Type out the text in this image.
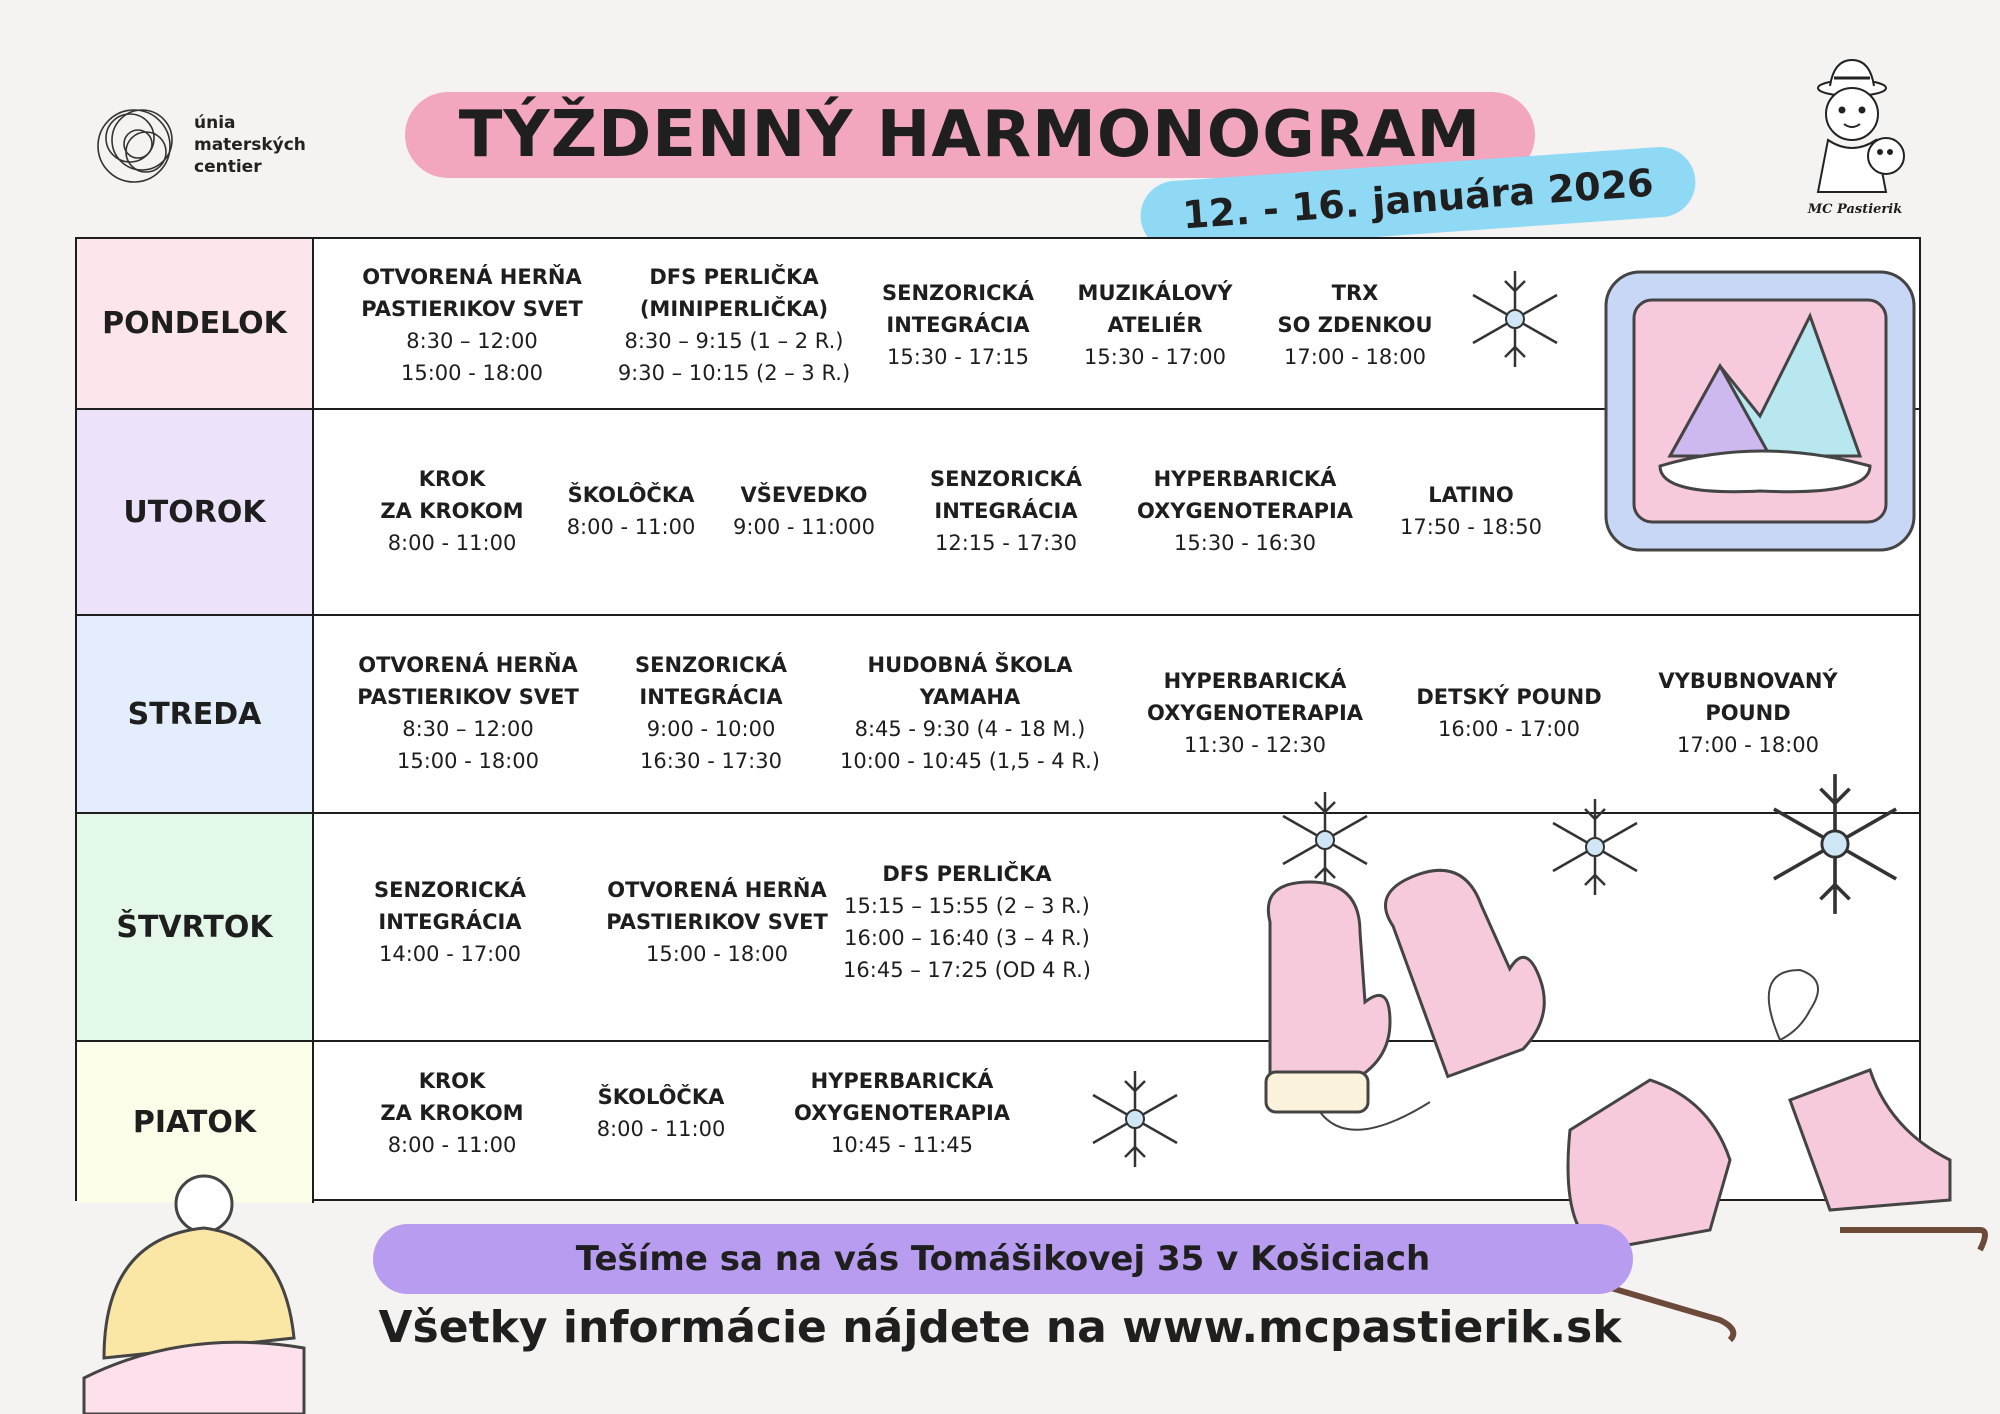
únia
materských
centier	TÝŽDENNÝ HARMONOGRAM
12. - 16. januára 2026	MC Pastierik
PONDELOK
OTVORENÁ HERŇA
PASTIERIKOV SVET
8:30 – 12:00
15:00 - 18:00
DFS PERLIČKA
(MINIPERLIČKA)
8:30 – 9:15 (1 – 2 R.)
9:30 – 10:15 (2 – 3 R.)
SENZORICKÁ
INTEGRÁCIA
15:30 - 17:15
MUZIKÁLOVÝ
ATELIÉR
15:30 - 17:00
TRX
SO ZDENKOU
17:00 - 18:00
UTOROK
KROK
ZA KROKOM
8:00 - 11:00
ŠKOLÔČKA
8:00 - 11:00
VŠEVEDKO
9:00 - 11:000
SENZORICKÁ
INTEGRÁCIA
12:15 - 17:30
HYPERBARICKÁ
OXYGENOTERAPIA
15:30 - 16:30
LATINO
17:50 - 18:50
STREDA
OTVORENÁ HERŇA
PASTIERIKOV SVET
8:30 – 12:00
15:00 - 18:00
SENZORICKÁ
INTEGRÁCIA
9:00 - 10:00
16:30 - 17:30
HUDOBNÁ ŠKOLA
YAMAHA
8:45 - 9:30 (4 - 18 M.)
10:00 - 10:45 (1,5 - 4 R.)
HYPERBARICKÁ
OXYGENOTERAPIA
11:30 - 12:30
DETSKÝ POUND
16:00 - 17:00
VYBUBNOVANÝ
POUND
17:00 - 18:00
ŠTVRTOK
SENZORICKÁ
INTEGRÁCIA
14:00 - 17:00
OTVORENÁ HERŇA
PASTIERIKOV SVET
15:00 - 18:00
DFS PERLIČKA
15:15 – 15:55 (2 – 3 R.)
16:00 – 16:40 (3 – 4 R.)
16:45 – 17:25 (OD 4 R.)
PIATOK
KROK
ZA KROKOM
8:00 - 11:00
ŠKOLÔČKA
8:00 - 11:00
HYPERBARICKÁ
OXYGENOTERAPIA
10:45 - 11:45
Tešíme sa na vás Tomášikovej 35 v Košiciach
Všetky informácie nájdete na www.mcpastierik.sk
